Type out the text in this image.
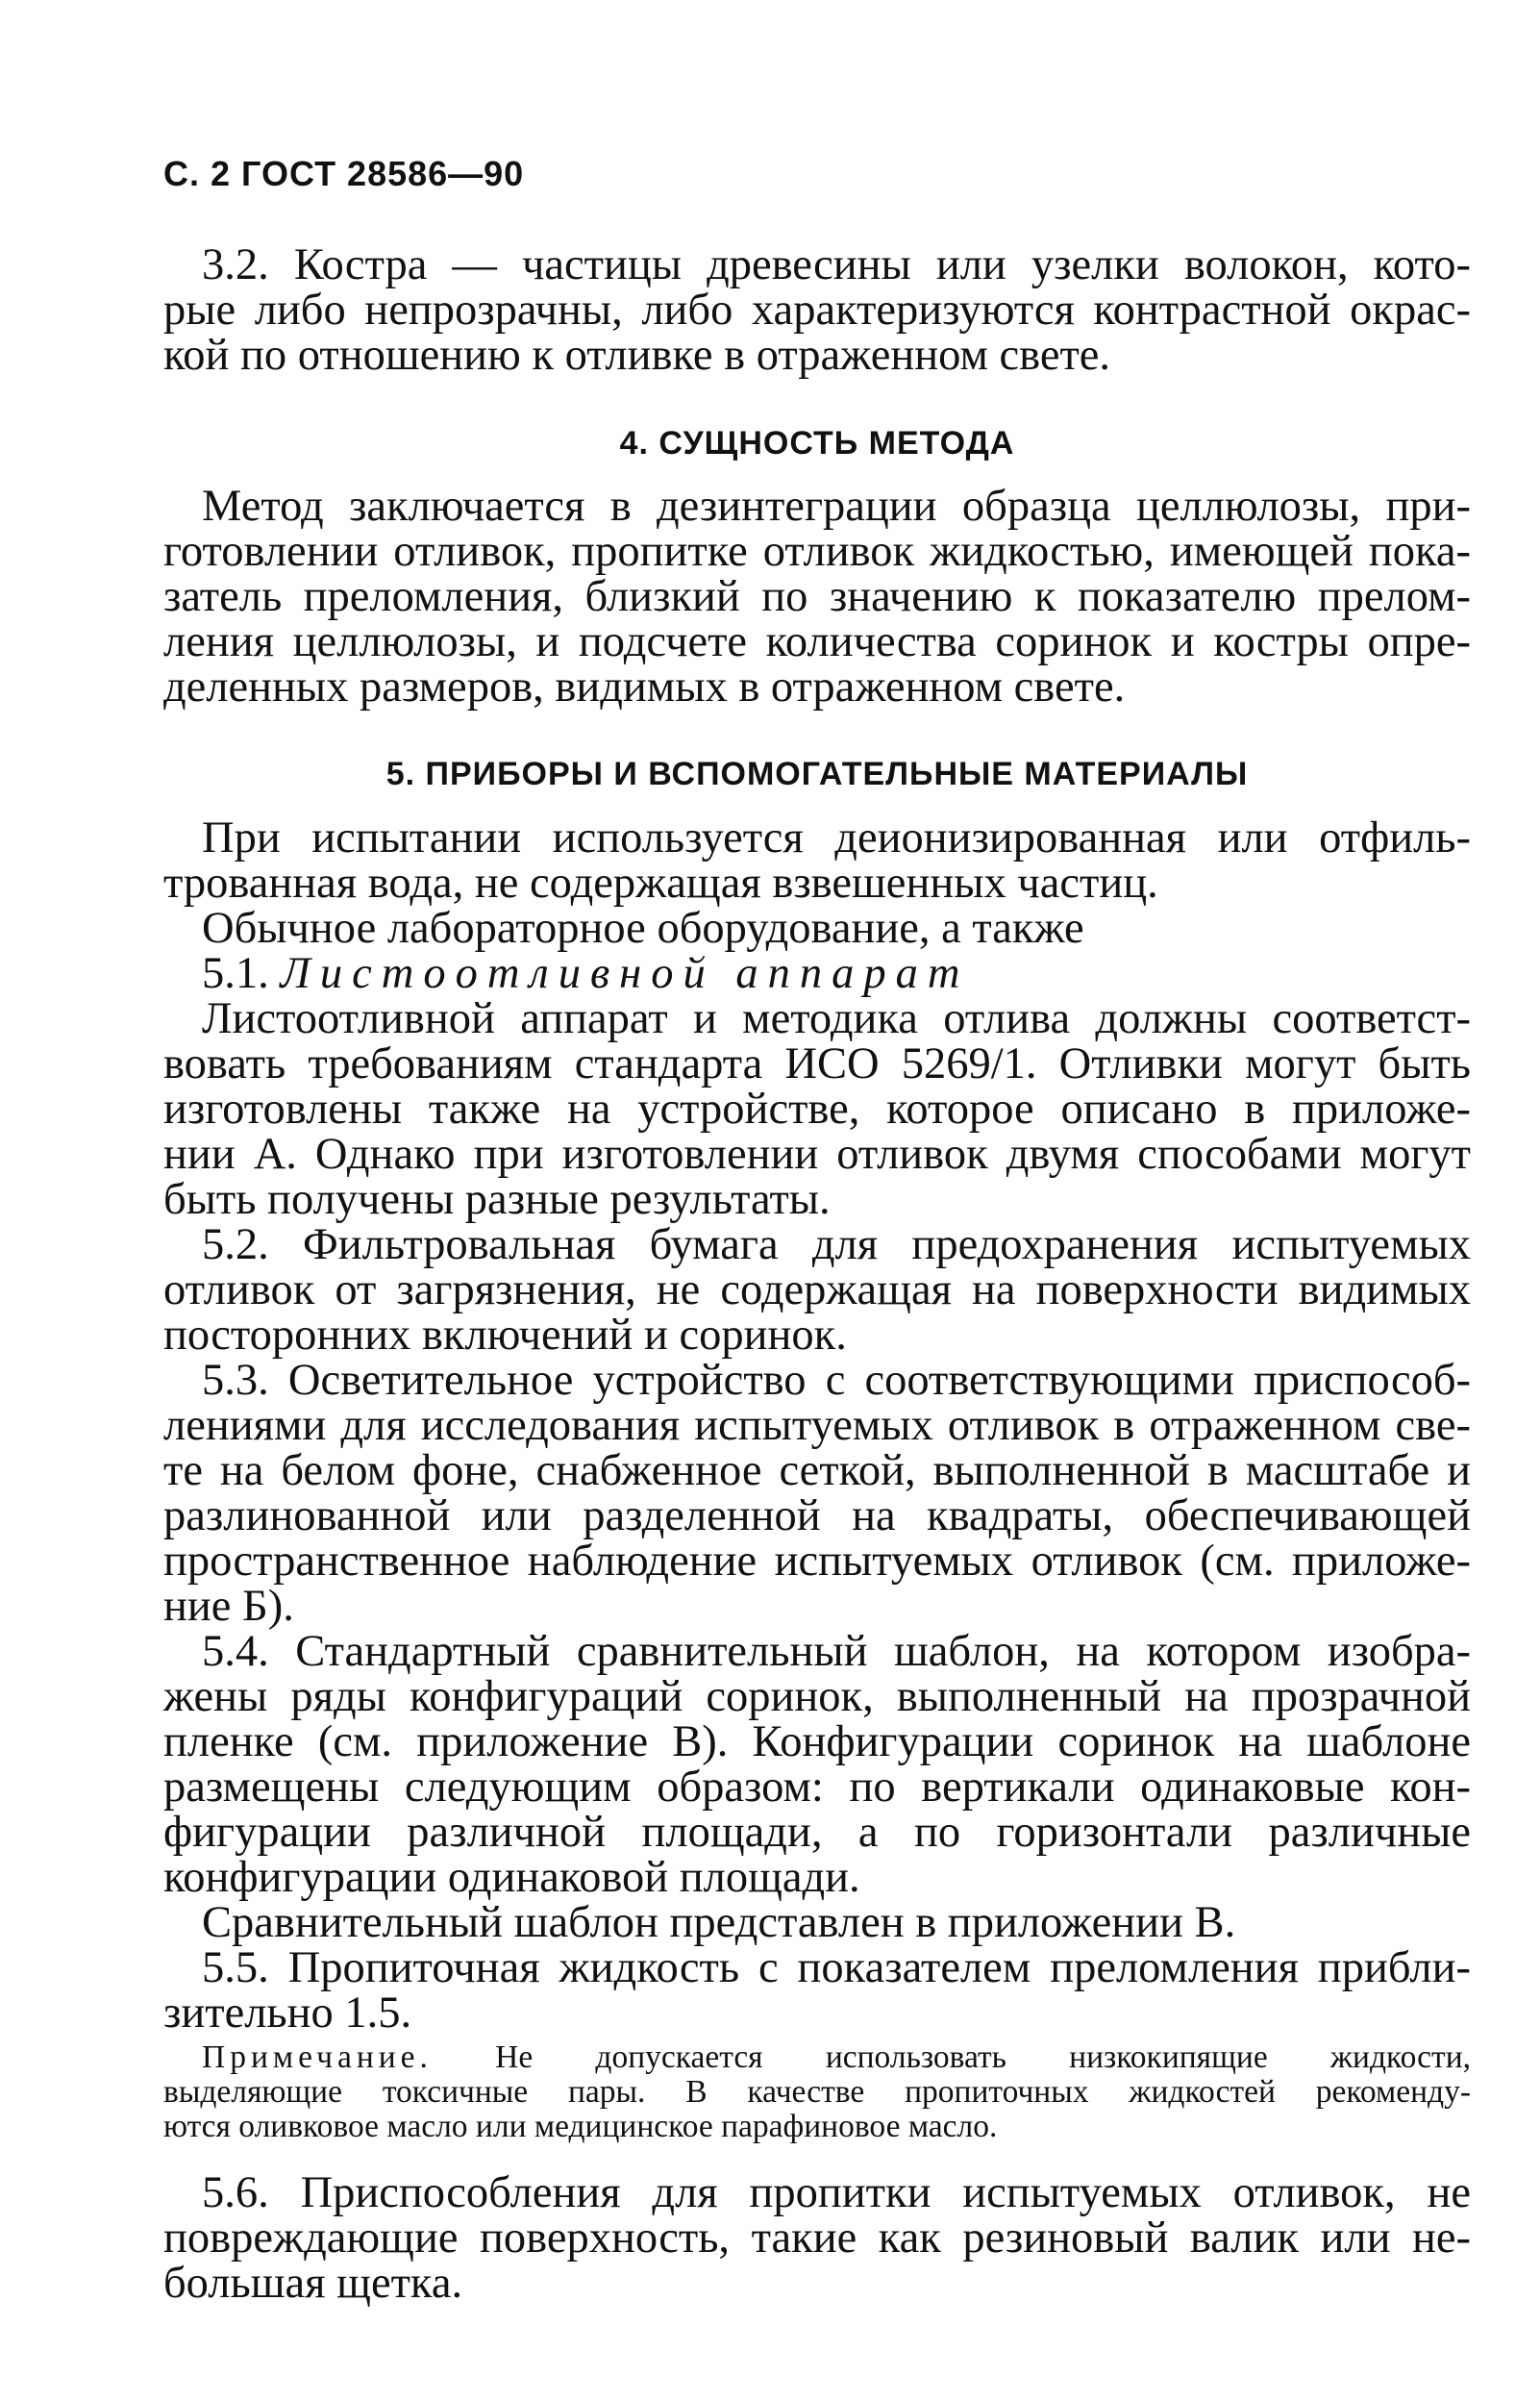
С. 2 ГОСТ 28586—90
3.2. Костра — частицы древесины или узелки волокон, кото-
рые либо непрозрачны, либо характеризуются контрастной окрас-
кой по отношению к отливке в отраженном свете.
4. СУЩНОСТЬ МЕТОДА
Метод заключается в дезинтеграции образца целлюлозы, при-
готовлении отливок, пропитке отливок жидкостью, имеющей пока-
затель преломления, близкий по значению к показателю прелом-
ления целлюлозы, и подсчете количества соринок и костры опре-
деленных размеров, видимых в отраженном свете.
5. ПРИБОРЫ И ВСПОМОГАТЕЛЬНЫЕ МАТЕРИАЛЫ
При испытании используется деионизированная или отфиль-
трованная вода, не содержащая взвешенных частиц.
Обычное лабораторное оборудование, а также
5.1. Листоотливной аппарат
Листоотливной аппарат и методика отлива должны соответст-
вовать требованиям стандарта ИСО 5269/1. Отливки могут быть
изготовлены также на устройстве, которое описано в приложе-
нии А. Однако при изготовлении отливок двумя способами могут
быть получены разные результаты.
5.2. Фильтровальная бумага для предохранения испытуемых
отливок от загрязнения, не содержащая на поверхности видимых
посторонних включений и соринок.
5.3. Осветительное устройство с соответствующими приспособ-
лениями для исследования испытуемых отливок в отраженном све-
те на белом фоне, снабженное сеткой, выполненной в масштабе и
разлинованной или разделенной на квадраты, обеспечивающей
пространственное наблюдение испытуемых отливок (см. приложе-
ние Б).
5.4. Стандартный сравнительный шаблон, на котором изобра-
жены ряды конфигураций соринок, выполненный на прозрачной
пленке (см. приложение В). Конфигурации соринок на шаблоне
размещены следующим образом: по вертикали одинаковые кон-
фигурации различной площади, а по горизонтали различные
конфигурации одинаковой площади.
Сравнительный шаблон представлен в приложении В.
5.5. Пропиточная жидкость с показателем преломления прибли-
зительно 1.5.
Примечание. Не допускается использовать низкокипящие жидкости,
выделяющие токсичные пары. В качестве пропиточных жидкостей рекоменду-
ются оливковое масло или медицинское парафиновое масло.
5.6. Приспособления для пропитки испытуемых отливок, не
повреждающие поверхность, такие как резиновый валик или не-
большая щетка.
